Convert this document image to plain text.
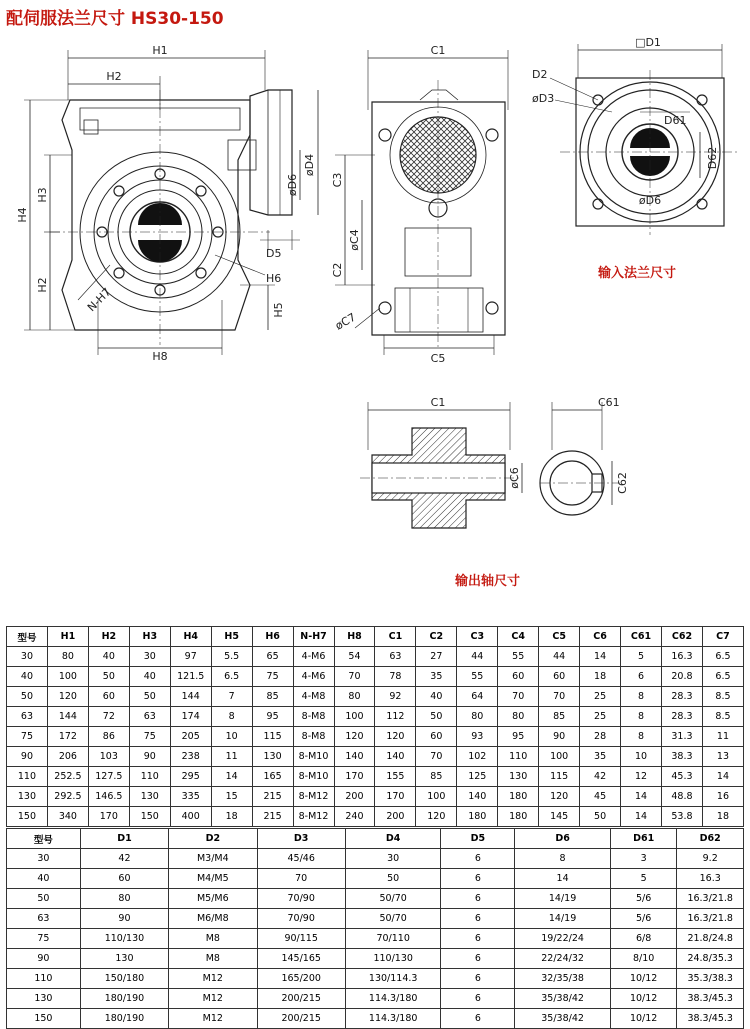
配伺服法兰尺寸 HS30-150
H1
H2
H4
H3
H2
H8
H5
H6
N-H7
øD4
øD6
D5
C1
C3
C2
øC4
øC7
C5
□D1
D2
øD3
D61
D62
øD6
C1
øC6
C61
C62
输入法兰尺寸
输出轴尺寸
型号	H1	H2	H3	H4	H5	H6	N-H7	H8	C1	C2	C3	C4	C5	C6	C61	C62	C7
30	80	40	30	97	5.5	65	4-M6	54	63	27	44	55	44	14	5	16.3	6.5
40	100	50	40	121.5	6.5	75	4-M6	70	78	35	55	60	60	18	6	20.8	6.5
50	120	60	50	144	7	85	4-M8	80	92	40	64	70	70	25	8	28.3	8.5
63	144	72	63	174	8	95	8-M8	100	112	50	80	80	85	25	8	28.3	8.5
75	172	86	75	205	10	115	8-M8	120	120	60	93	95	90	28	8	31.3	11
90	206	103	90	238	11	130	8-M10	140	140	70	102	110	100	35	10	38.3	13
110	252.5	127.5	110	295	14	165	8-M10	170	155	85	125	130	115	42	12	45.3	14
130	292.5	146.5	130	335	15	215	8-M12	200	170	100	140	180	120	45	14	48.8	16
150	340	170	150	400	18	215	8-M12	240	200	120	180	180	145	50	14	53.8	18
型号	D1	D2	D3	D4	D5	D6	D61	D62
30	42	M3/M4	45/46	30	6	8	3	9.2
40	60	M4/M5	70	50	6	14	5	16.3
50	80	M5/M6	70/90	50/70	6	14/19	5/6	16.3/21.8
63	90	M6/M8	70/90	50/70	6	14/19	5/6	16.3/21.8
75	110/130	M8	90/115	70/110	6	19/22/24	6/8	21.8/24.8
90	130	M8	145/165	110/130	6	22/24/32	8/10	24.8/35.3
110	150/180	M12	165/200	130/114.3	6	32/35/38	10/12	35.3/38.3
130	180/190	M12	200/215	114.3/180	6	35/38/42	10/12	38.3/45.3
150	180/190	M12	200/215	114.3/180	6	35/38/42	10/12	38.3/45.3
